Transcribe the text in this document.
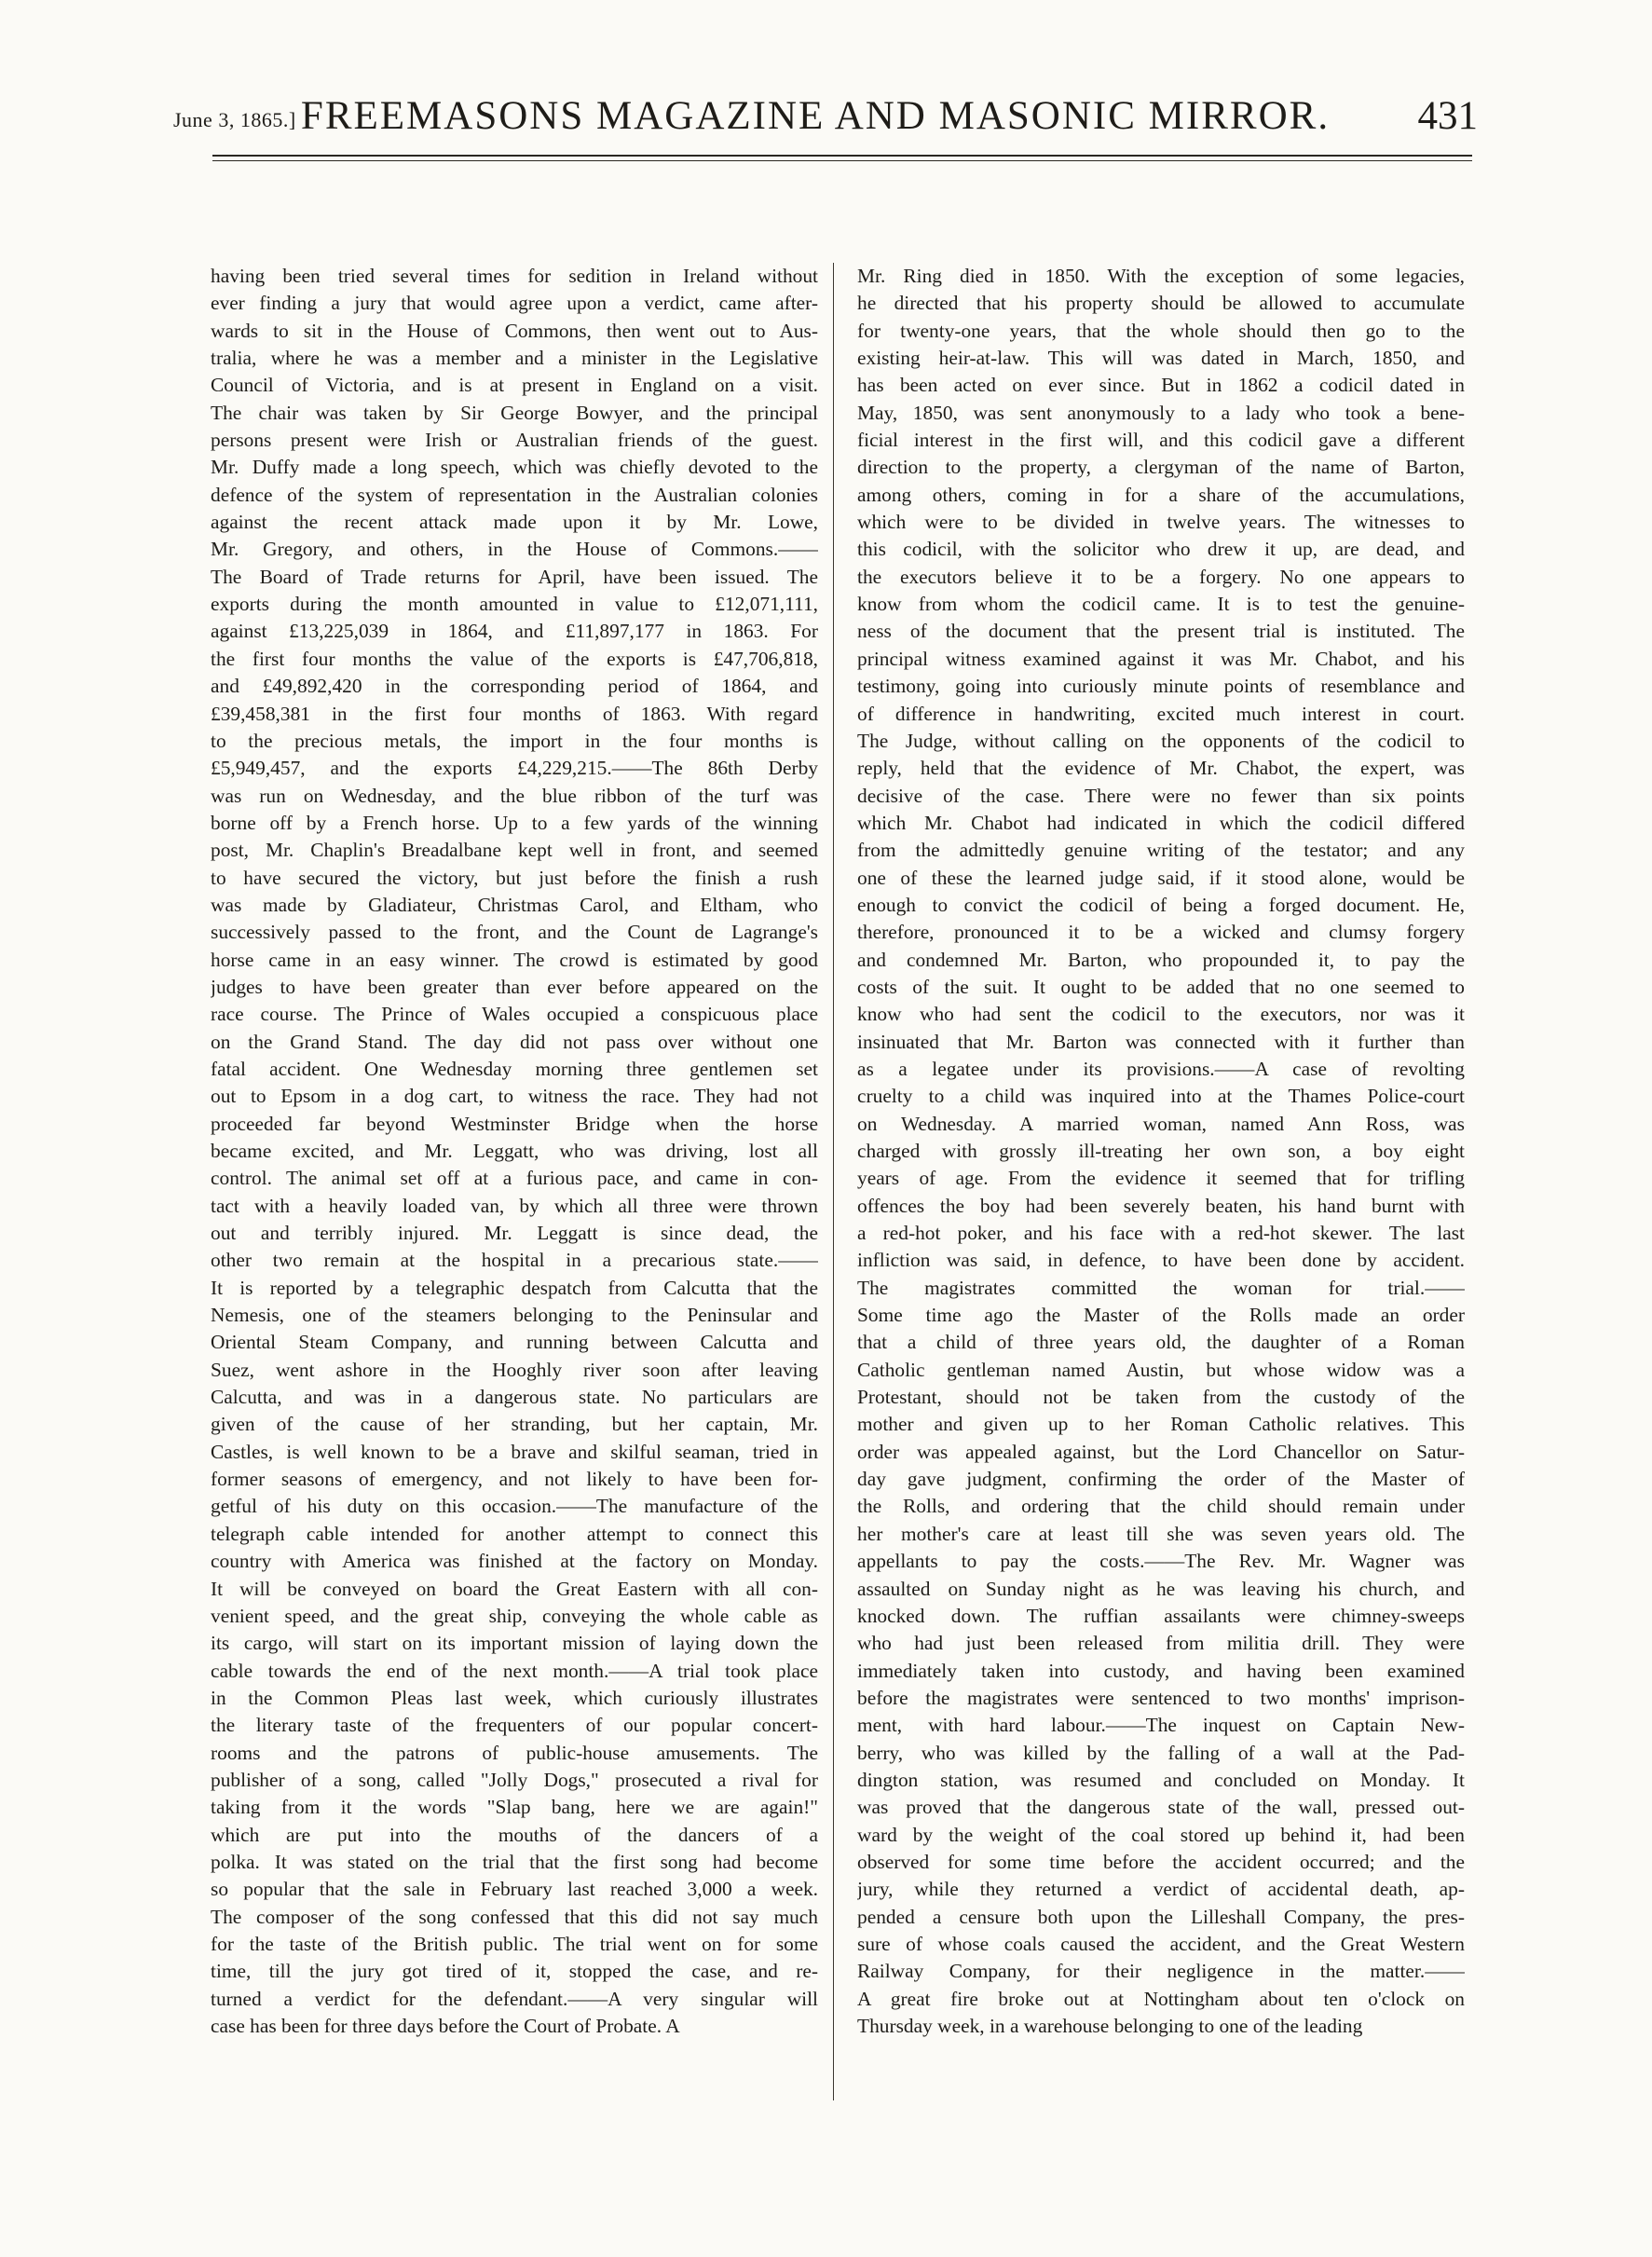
June 3, 1865.] FREEMASONS MAGAZINE AND MASONIC MIRROR.	431
having been tried several times for sedition in Ireland without
ever finding a jury that would agree upon a verdict, came after-
wards to sit in the House of Commons, then went out to Aus-
tralia, where he was a member and a minister in the Legislative
Council of Victoria, and is at present in England on a visit.
The chair was taken by Sir George Bowyer, and the principal
persons present were Irish or Australian friends of the guest.
Mr. Duffy made a long speech, which was chiefly devoted to the
defence of the system of representation in the Australian colonies
against the recent attack made upon it by Mr. Lowe,
Mr. Gregory, and others, in the House of Commons.——
The Board of Trade returns for April, have been issued. The
exports during the month amounted in value to £12,071,111,
against £13,225,039 in 1864, and £11,897,177 in 1863. For
the first four months the value of the exports is £47,706,818,
and £49,892,420 in the corresponding period of 1864, and
£39,458,381 in the first four months of 1863. With regard
to the precious metals, the import in the four months is
£5,949,457, and the exports £4,229,215.——The 86th Derby
was run on Wednesday, and the blue ribbon of the turf was
borne off by a French horse. Up to a few yards of the winning
post, Mr. Chaplin's Breadalbane kept well in front, and seemed
to have secured the victory, but just before the finish a rush
was made by Gladiateur, Christmas Carol, and Eltham, who
successively passed to the front, and the Count de Lagrange's
horse came in an easy winner. The crowd is estimated by good
judges to have been greater than ever before appeared on the
race course. The Prince of Wales occupied a conspicuous place
on the Grand Stand. The day did not pass over without one
fatal accident. One Wednesday morning three gentlemen set
out to Epsom in a dog cart, to witness the race. They had not
proceeded far beyond Westminster Bridge when the horse
became excited, and Mr. Leggatt, who was driving, lost all
control. The animal set off at a furious pace, and came in con-
tact with a heavily loaded van, by which all three were thrown
out and terribly injured. Mr. Leggatt is since dead, the
other two remain at the hospital in a precarious state.——
It is reported by a telegraphic despatch from Calcutta that the
Nemesis, one of the steamers belonging to the Peninsular and
Oriental Steam Company, and running between Calcutta and
Suez, went ashore in the Hooghly river soon after leaving
Calcutta, and was in a dangerous state. No particulars are
given of the cause of her stranding, but her captain, Mr.
Castles, is well known to be a brave and skilful seaman, tried in
former seasons of emergency, and not likely to have been for-
getful of his duty on this occasion.——The manufacture of the
telegraph cable intended for another attempt to connect this
country with America was finished at the factory on Monday.
It will be conveyed on board the Great Eastern with all con-
venient speed, and the great ship, conveying the whole cable as
its cargo, will start on its important mission of laying down the
cable towards the end of the next month.——A trial took place
in the Common Pleas last week, which curiously illustrates
the literary taste of the frequenters of our popular concert-
rooms and the patrons of public-house amusements. The
publisher of a song, called "Jolly Dogs," prosecuted a rival for
taking from it the words "Slap bang, here we are again!"
which are put into the mouths of the dancers of a
polka. It was stated on the trial that the first song had become
so popular that the sale in February last reached 3,000 a week.
The composer of the song confessed that this did not say much
for the taste of the British public. The trial went on for some
time, till the jury got tired of it, stopped the case, and re-
turned a verdict for the defendant.——A very singular will
case has been for three days before the Court of Probate. A
Mr. Ring died in 1850. With the exception of some legacies,
he directed that his property should be allowed to accumulate
for twenty-one years, that the whole should then go to the
existing heir-at-law. This will was dated in March, 1850, and
has been acted on ever since. But in 1862 a codicil dated in
May, 1850, was sent anonymously to a lady who took a bene-
ficial interest in the first will, and this codicil gave a different
direction to the property, a clergyman of the name of Barton,
among others, coming in for a share of the accumulations,
which were to be divided in twelve years. The witnesses to
this codicil, with the solicitor who drew it up, are dead, and
the executors believe it to be a forgery. No one appears to
know from whom the codicil came. It is to test the genuine-
ness of the document that the present trial is instituted. The
principal witness examined against it was Mr. Chabot, and his
testimony, going into curiously minute points of resemblance and
of difference in handwriting, excited much interest in court.
The Judge, without calling on the opponents of the codicil to
reply, held that the evidence of Mr. Chabot, the expert, was
decisive of the case. There were no fewer than six points
which Mr. Chabot had indicated in which the codicil differed
from the admittedly genuine writing of the testator; and any
one of these the learned judge said, if it stood alone, would be
enough to convict the codicil of being a forged document. He,
therefore, pronounced it to be a wicked and clumsy forgery
and condemned Mr. Barton, who propounded it, to pay the
costs of the suit. It ought to be added that no one seemed to
know who had sent the codicil to the executors, nor was it
insinuated that Mr. Barton was connected with it further than
as a legatee under its provisions.——A case of revolting
cruelty to a child was inquired into at the Thames Police-court
on Wednesday. A married woman, named Ann Ross, was
charged with grossly ill-treating her own son, a boy eight
years of age. From the evidence it seemed that for trifling
offences the boy had been severely beaten, his hand burnt with
a red-hot poker, and his face with a red-hot skewer. The last
infliction was said, in defence, to have been done by accident.
The magistrates committed the woman for trial.——
Some time ago the Master of the Rolls made an order
that a child of three years old, the daughter of a Roman
Catholic gentleman named Austin, but whose widow was a
Protestant, should not be taken from the custody of the
mother and given up to her Roman Catholic relatives. This
order was appealed against, but the Lord Chancellor on Satur-
day gave judgment, confirming the order of the Master of
the Rolls, and ordering that the child should remain under
her mother's care at least till she was seven years old. The
appellants to pay the costs.——The Rev. Mr. Wagner was
assaulted on Sunday night as he was leaving his church, and
knocked down. The ruffian assailants were chimney-sweeps
who had just been released from militia drill. They were
immediately taken into custody, and having been examined
before the magistrates were sentenced to two months' imprison-
ment, with hard labour.——The inquest on Captain New-
berry, who was killed by the falling of a wall at the Pad-
dington station, was resumed and concluded on Monday. It
was proved that the dangerous state of the wall, pressed out-
ward by the weight of the coal stored up behind it, had been
observed for some time before the accident occurred; and the
jury, while they returned a verdict of accidental death, ap-
pended a censure both upon the Lilleshall Company, the pres-
sure of whose coals caused the accident, and the Great Western
Railway Company, for their negligence in the matter.——
A great fire broke out at Nottingham about ten o'clock on
Thursday week, in a warehouse belonging to one of the leading
